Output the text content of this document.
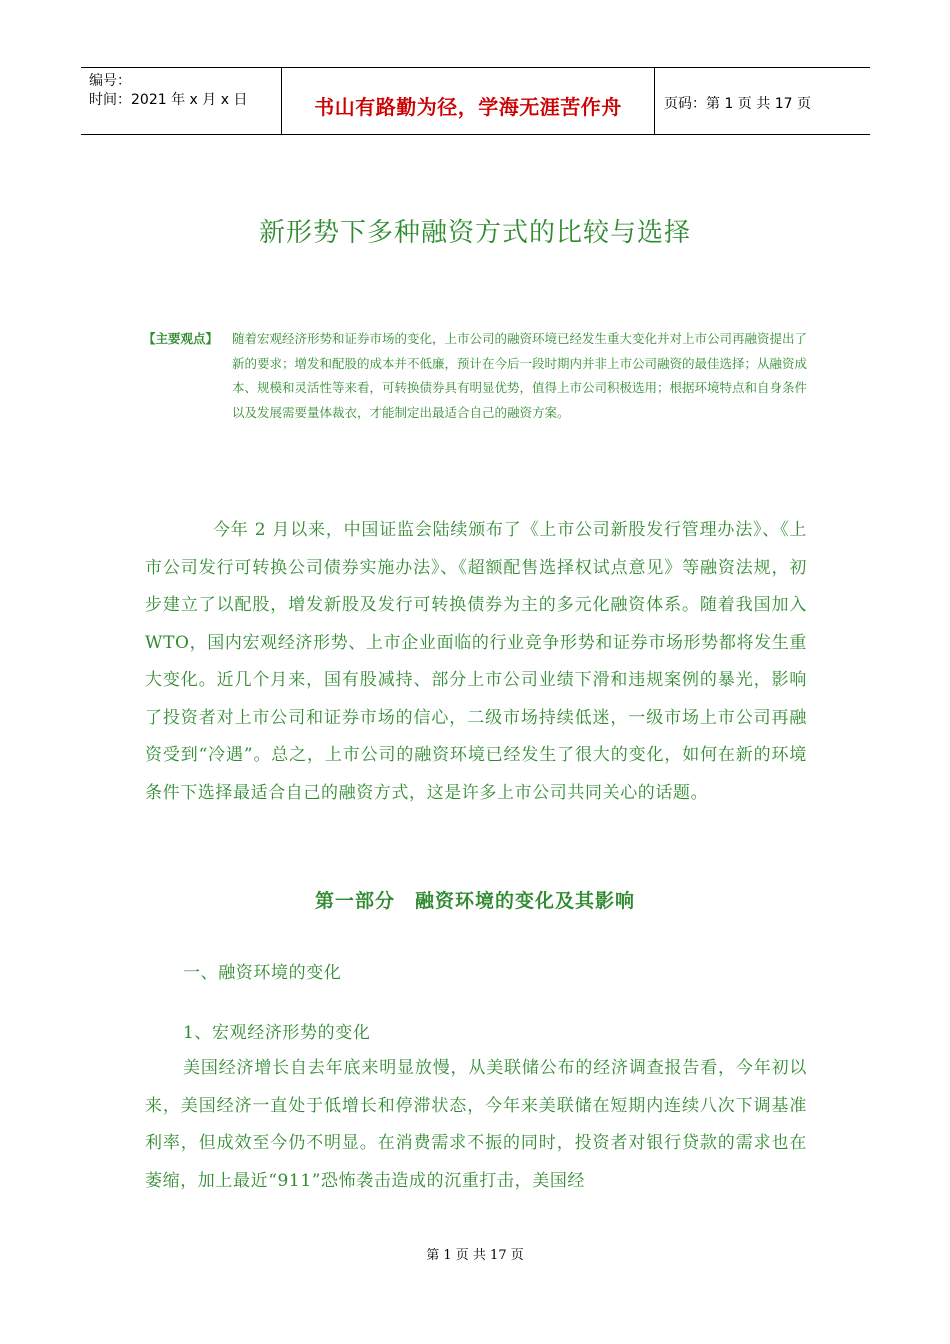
编号：
时间：2021 年 x 月 x 日	书山有路勤为径，学海无涯苦作舟	页码：第 1 页 共 17 页
新形势下多种融资方式的比较与选择
【主要观点】 随着宏观经济形势和证券市场的变化，上市公司的融资环境已经发生重大变化并对上市公司再融资提出了新的要求；增发和配股的成本并不低廉，预计在今后一段时期内并非上市公司融资的最佳选择；从融资成本、规模和灵活性等来看，可转换债券具有明显优势，值得上市公司积极选用；根据环境特点和自身条件以及发展需要量体裁衣，才能制定出最适合自己的融资方案。
今年 2 月以来，中国证监会陆续颁布了《上市公司新股发行管理办法》、《上市公司发行可转换公司债券实施办法》、《超额配售选择权试点意见》等融资法规，初步建立了以配股，增发新股及发行可转换债券为主的多元化融资体系。随着我国加入 WTO，国内宏观经济形势、上市企业面临的行业竞争形势和证券市场形势都将发生重大变化。近几个月来，国有股减持、部分上市公司业绩下滑和违规案例的暴光，影响了投资者对上市公司和证券市场的信心，二级市场持续低迷，一级市场上市公司再融资受到“冷遇”。总之，上市公司的融资环境已经发生了很大的变化，如何在新的环境条件下选择最适合自己的融资方式，这是许多上市公司共同关心的话题。
第一部分　融资环境的变化及其影响
一、融资环境的变化
1、宏观经济形势的变化
美国经济增长自去年底来明显放慢，从美联储公布的经济调查报告看，今年初以来，美国经济一直处于低增长和停滞状态，今年来美联储在短期内连续八次下调基准利率，但成效至今仍不明显。在消费需求不振的同时，投资者对银行贷款的需求也在萎缩，加上最近“911”恐怖袭击造成的沉重打击，美国经
第 1 页 共 17 页
